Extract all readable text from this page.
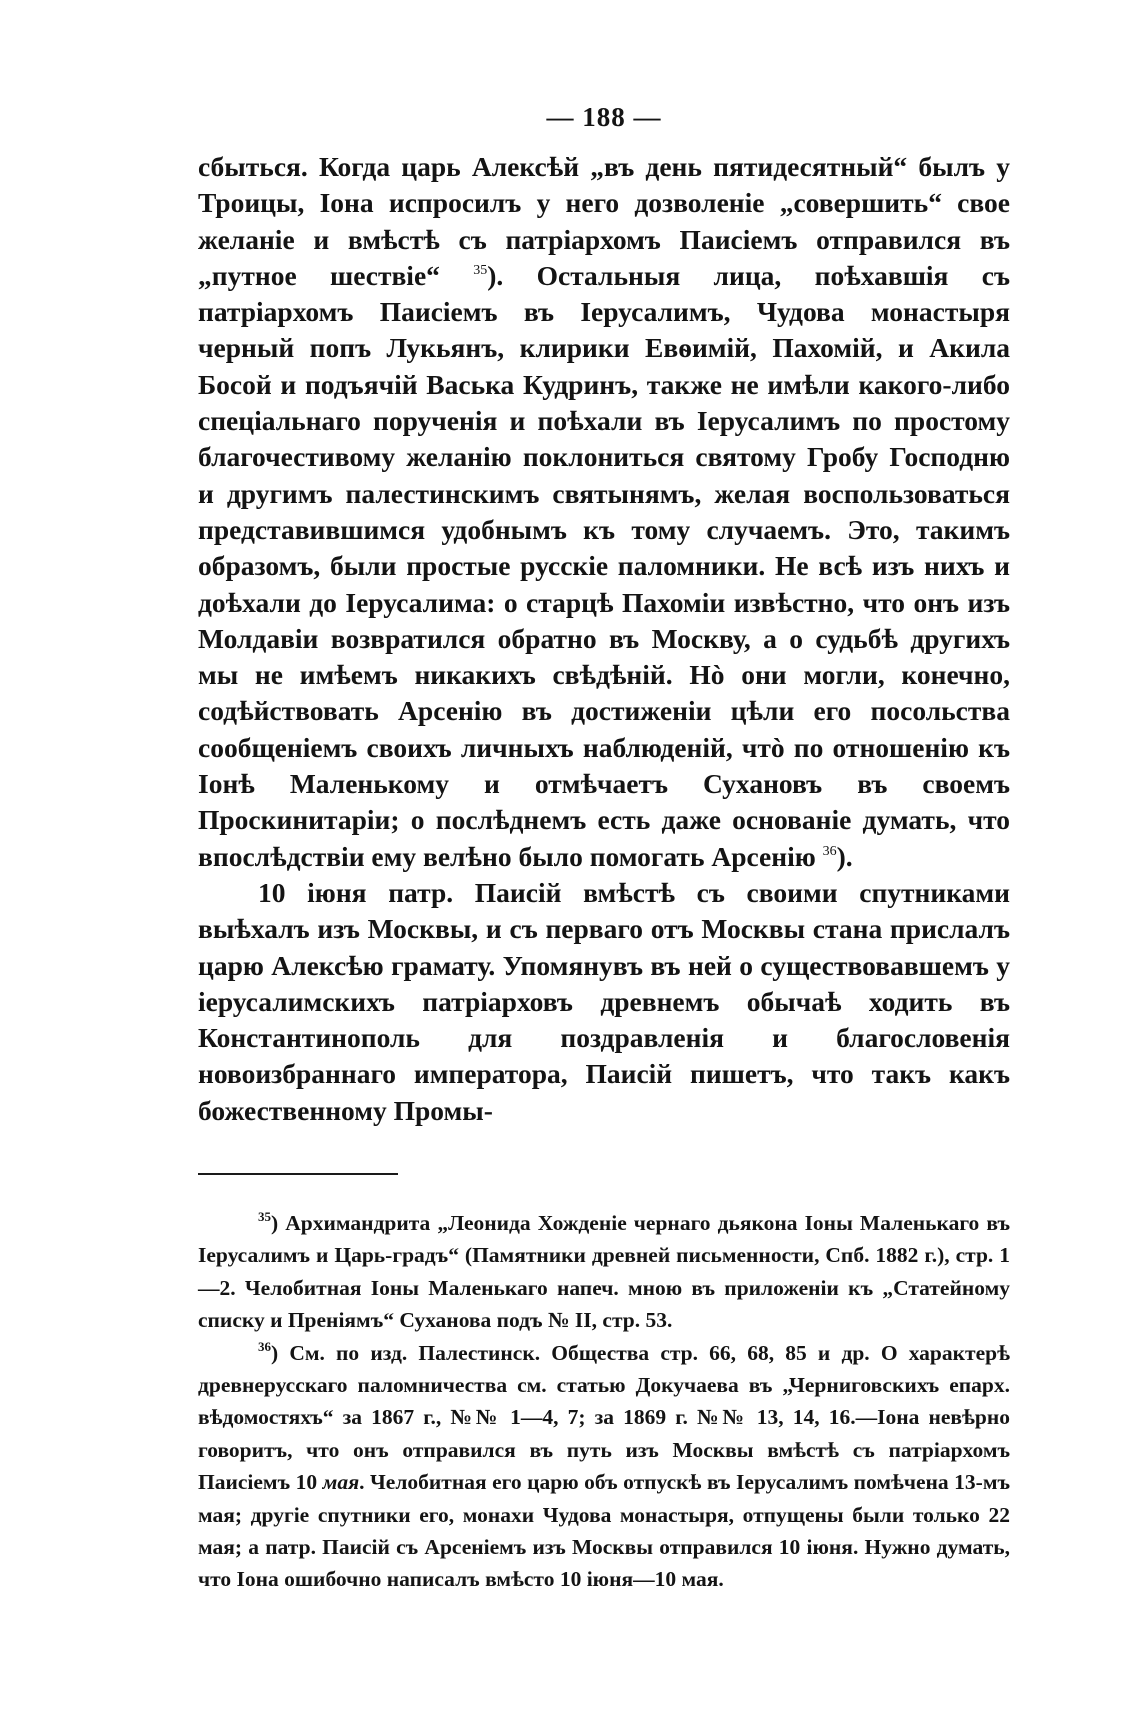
— 188 —

сбыться. Когда царь Алексѣй „въ день пятидесятный“ былъ у Троицы, Іона испросилъ у него дозволеніе „совершить“ свое желаніе и вмѣстѣ съ патріархомъ Паисіемъ отправился въ „путное шествіе“ $^{35}$). Остальныя лица, поѣхавшія съ патріархомъ Паисіемъ въ Іерусалимъ, Чудова монастыря черный попъ Лукьянъ, клирики Евѳимій, Пахомій, и Акила Босой и подъячій Васька Кудринъ, также не имѣли какого-либо спеціальнаго порученія и поѣхали въ Іерусалимъ по простому благочестивому желанію поклониться святому Гробу Господню и другимъ палестинскимъ святынямъ, желая воспользоваться представившимся удобнымъ къ тому случаемъ. Это, такимъ образомъ, были простые русскіе паломники. Не всѣ изъ нихъ и доѣхали до Іерусалима: о старцѣ Пахоміи извѣстно, что онъ изъ Молдавіи возвратился обратно въ Москву, а о судьбѣ другихъ мы не имѣемъ никакихъ свѣдѣній. Нò они могли, конечно, содѣйствовать Арсенію въ достиженіи цѣли его посольства сообщеніемъ своихъ личныхъ наблюденій, чтò по отношенію къ Іонѣ Маленькому и отмѣчаетъ Сухановъ въ своемъ Проскинитаріи; о послѣднемъ есть даже основаніе думать, что впослѣдствіи ему велѣно было помогать Арсенію $^{36}$).

10 іюня патр. Паисій вмѣстѣ съ своими спутниками выѣхалъ изъ Москвы, и съ перваго отъ Москвы стана прислалъ царю Алексѣю грамату. Упомянувъ въ ней о существовавшемъ у іерусалимскихъ патріарховъ древнемъ обычаѣ ходить въ Константинополь для поздравленія и благословенія новоизбраннаго императора, Паисій пишетъ, что такъ какъ божественному Промы-

$^{35}$) Архимандрита „Леонида Хожденіе чернаго дьякона Іоны Маленькаго въ Іерусалимъ и Царь-градъ“ (Памятники древней письменности, Спб. 1882 г.), стр. 1—2. Челобитная Іоны Маленькаго напеч. мною въ приложеніи къ „Статейному списку и Преніямъ“ Суханова подъ № II, стр. 53.

$^{36}$) См. по изд. Палестинск. Общества стр. 66, 68, 85 и др. О характерѣ древнерусскаго паломничества см. статью Докучаева въ „Черниговскихъ епарх. вѣдомостяхъ“ за 1867 г., №№ 1—4, 7; за 1869 г. №№ 13, 14, 16.—Іона невѣрно говоритъ, что онъ отправился въ путь изъ Москвы вмѣстѣ съ патріархомъ Паисіемъ 10 мая. Челобитная его царю объ отпускѣ въ Іерусалимъ помѣчена 13-мъ мая; другіе спутники его, монахи Чудова монастыря, отпущены были только 22 мая; а патр. Паисій съ Арсеніемъ изъ Москвы отправился 10 іюня. Нужно думать, что Іона ошибочно написалъ вмѣсто 10 іюня—10 мая.
